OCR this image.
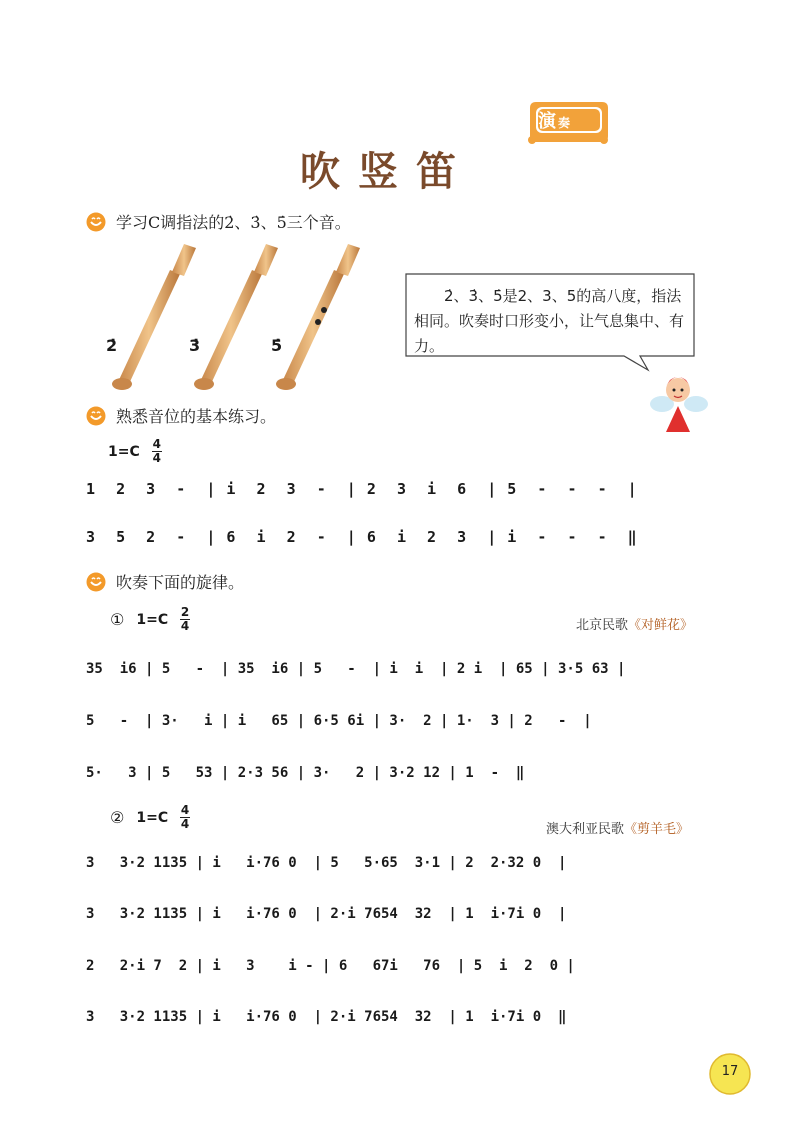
演 奏
吹竖笛
学习C调指法的2̇、3̇、5̇三个音。
2̇	3̇	5̇
2̇、3̇、5̇是2、3、5的高八度，指法相同。吹奏时口形变小，让气息集中、有力。
熟悉音位的基本练习。
1=C 4
4
1  2  3  -  | i  2  3  -  | 2  3  i  6  | 5  -  -  -  |
3  5  2  -  | 6  i  2  -  | 6  i  2  3  | i  -  -  -  ‖
吹奏下面的旋律。
① 1=C 2
4	北京民歌《对鲜花》
35  i6 | 5   -  | 35  i6 | 5   -  | i  i  | 2 i  | 65 | 3·5 63 |
5   -  | 3·   i | i   65 | 6·5 6i | 3·  2 | 1·  3 | 2   -  |
5·   3 | 5   53 | 2·3 56 | 3·   2 | 3·2 12 | 1  -  ‖
② 1=C 4
4	澳大利亚民歌《剪羊毛》
3   3·2 1135 | i   i·76 0  | 5   5·65  3·1 | 2  2·32 0  |
3   3·2 1135 | i   i·76 0  | 2·i 7654  32  | 1  i·7i 0  |
2   2·i 7  2 | i   3    i - | 6   67i   76  | 5  i  2  0 |
3   3·2 1135 | i   i·76 0  | 2·i 7654  32  | 1  i·7i 0  ‖
17
